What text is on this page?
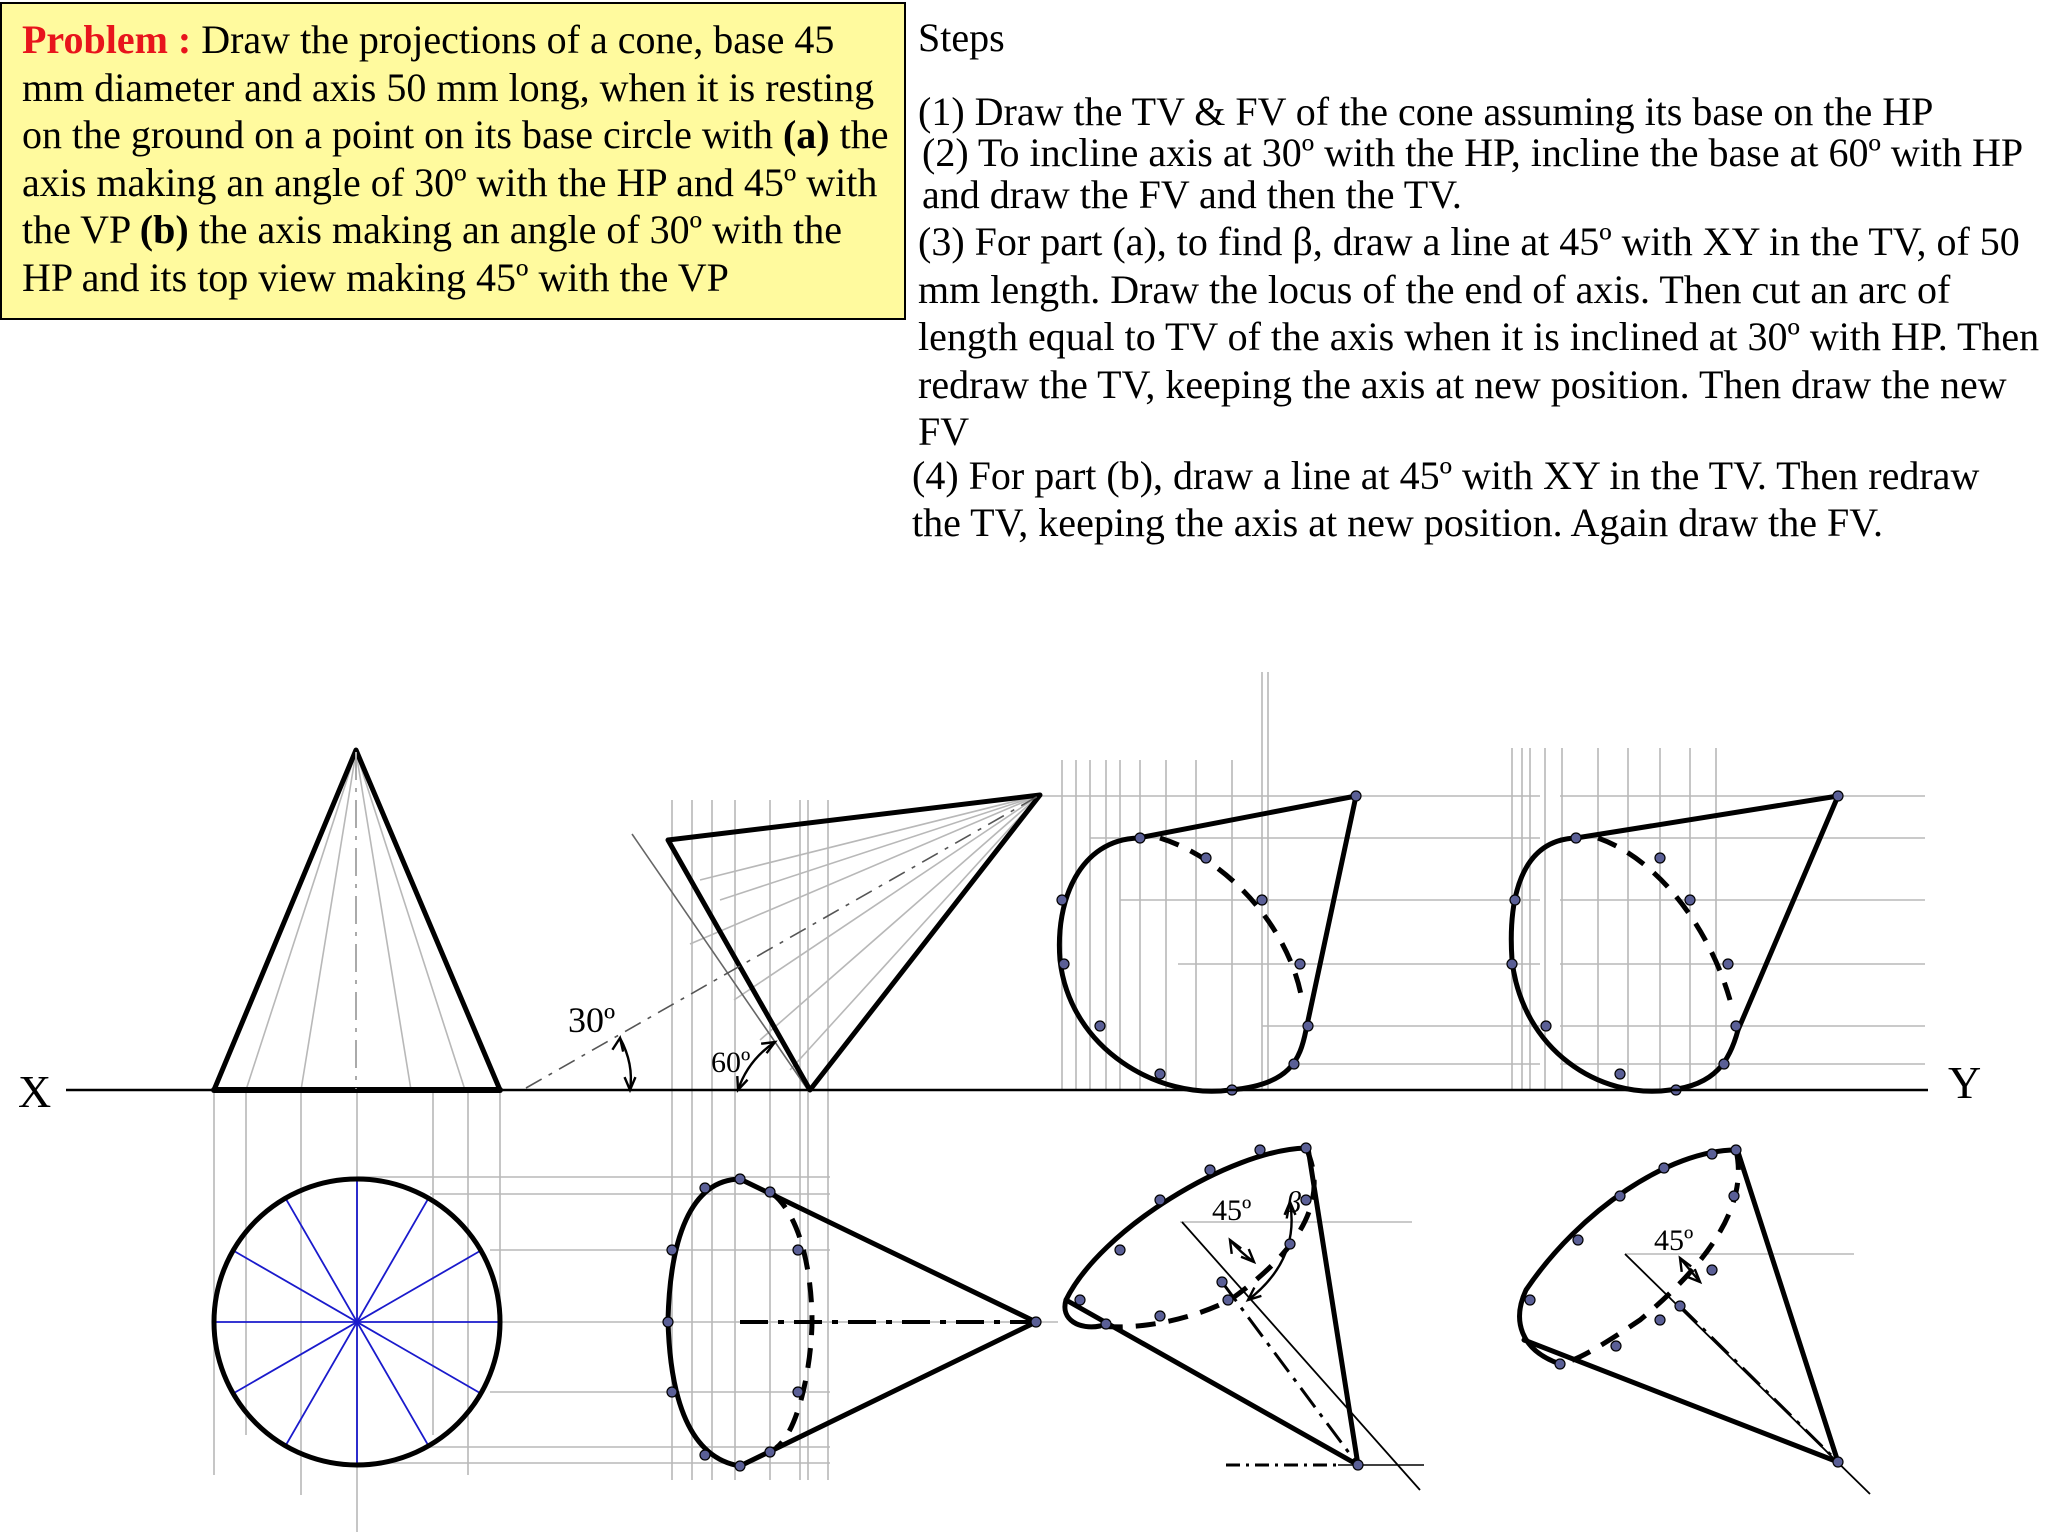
Problem : Draw the projections of a cone, base 45 mm diameter and axis 50 mm long, when it is resting on the ground on a point on its base circle with (a) the axis making an angle of 30º with the HP and 45º with the VP (b) the axis making an angle of 30º with the HP and its top view making 45º with the VP

Steps

(1) Draw the TV & FV of the cone assuming its base on the HP

(2) To incline axis at 30º with the HP, incline the base at 60º with HP

and draw the FV and then the TV.

(3) For part (a), to find β, draw a line at 45º with XY in the TV, of 50 mm length. Draw the locus of the end of axis. Then cut an arc of length equal to TV of the axis when it is inclined at 30º with HP. Then redraw the TV, keeping the axis at new position. Then draw the new FV

(4) For part (b), draw a line at 45º with XY in the TV. Then redraw

the TV, keeping the axis at new position. Again draw the FV.

X	Y
30º
60º
45º β
45º
